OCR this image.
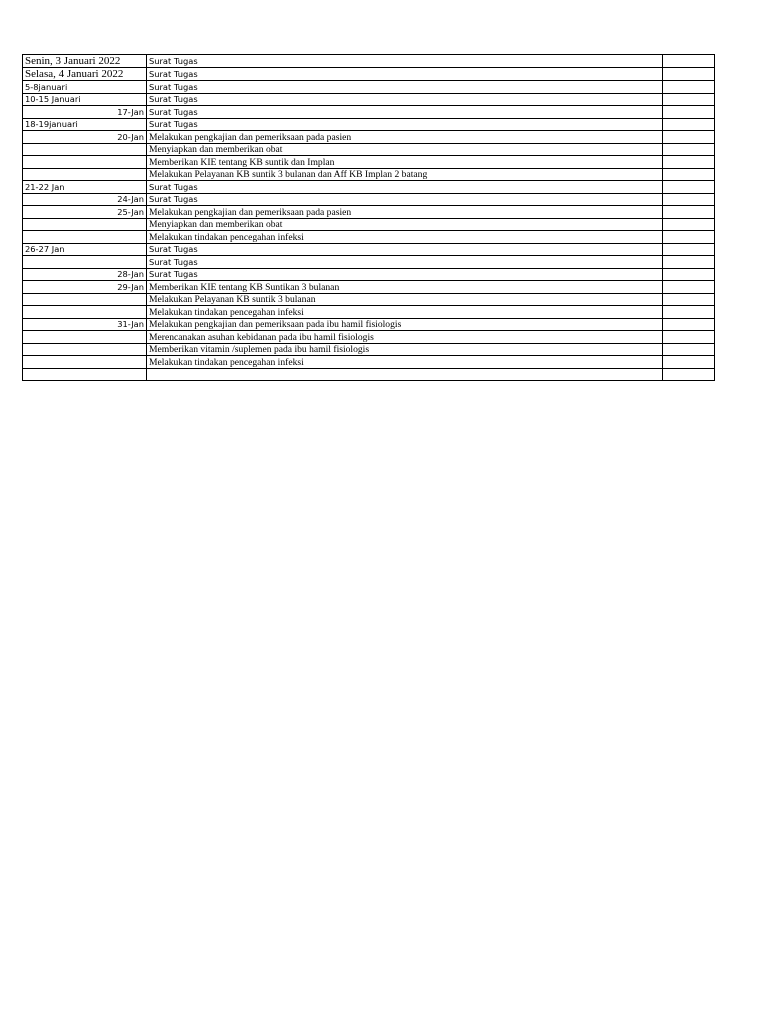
Senin, 3 Januari 2022	Surat Tugas	
Selasa, 4 Januari 2022	Surat Tugas	
5-8januari	Surat Tugas	
10-15 Januari	Surat Tugas	
17-Jan	Surat Tugas	
18-19januari	Surat Tugas	
20-Jan	Melakukan pengkajian dan pemeriksaan pada pasien	
	Menyiapkan dan memberikan obat	
	Memberikan KIE tentang KB suntik dan Implan	
	Melakukan Pelayanan KB suntik 3 bulanan dan Aff KB Implan 2 batang	
21-22 Jan	Surat Tugas	
24-Jan	Surat Tugas	
25-Jan	Melakukan pengkajian dan pemeriksaan pada pasien	
	Menyiapkan dan memberikan obat	
	Melakukan tindakan pencegahan infeksi	
26-27 Jan	Surat Tugas	
	Surat Tugas	
28-Jan	Surat Tugas	
29-Jan	Memberikan KIE tentang KB Suntikan 3 bulanan	
	Melakukan Pelayanan KB suntik 3 bulanan	
	Melakukan tindakan pencegahan infeksi	
31-Jan	Melakukan pengkajian dan pemeriksaan pada ibu hamil fisiologis	
	Merencanakan asuhan kebidanan pada ibu hamil fisiologis	
	Memberikan vitamin /suplemen pada ibu hamil fisiologis	
	Melakukan tindakan pencegahan infeksi	
